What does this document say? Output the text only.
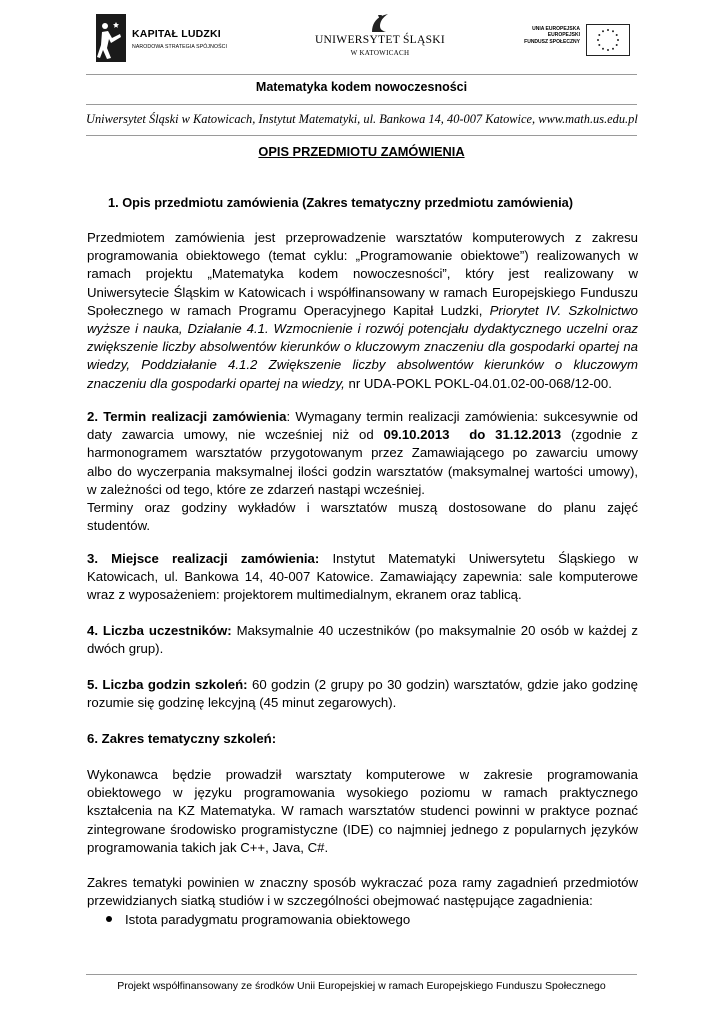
KAPITAŁ LUDZKI
NARODOWA STRATEGIA SPÓJNOŚCI
UNIWERSYTET ŚLĄSKI
W KATOWICACH
UNIA EUROPEJSKA
EUROPEJSKI
FUNDUSZ SPOŁECZNY
Matematyka kodem nowoczesności
Uniwersytet Śląski w Katowicach, Instytut Matematyki, ul. Bankowa 14, 40-007 Katowice, www.math.us.edu.pl
OPIS PRZEDMIOTU ZAMÓWIENIA
1. Opis przedmiotu zamówienia (Zakres tematyczny przedmiotu zamówienia)
Przedmiotem zamówienia jest przeprowadzenie warsztatów komputerowych z zakresu
programowania obiektowego (temat cyklu: „Programowanie obiektowe”) realizowanych w
ramach projektu „Matematyka kodem nowoczesności”, który jest realizowany w
Uniwersytecie Śląskim w Katowicach i współfinansowany w ramach Europejskiego Funduszu
Społecznego w ramach Programu Operacyjnego Kapitał Ludzki, Priorytet IV. Szkolnictwo
wyższe i nauka, Działanie 4.1. Wzmocnienie i rozwój potencjału dydaktycznego uczelni oraz
zwiększenie liczby absolwentów kierunków o kluczowym znaczeniu dla gospodarki opartej na
wiedzy, Poddziałanie 4.1.2 Zwiększenie liczby absolwentów kierunków o kluczowym
znaczeniu dla gospodarki opartej na wiedzy, nr UDA-POKL POKL-04.01.02-00-068/12-00.
2. Termin realizacji zamówienia: Wymagany termin realizacji zamówienia: sukcesywnie od
daty zawarcia umowy, nie wcześniej niż od 09.10.2013 do 31.12.2013 (zgodnie z
harmonogramem warsztatów przygotowanym przez Zamawiającego po zawarciu umowy
albo do wyczerpania maksymalnej ilości godzin warsztatów (maksymalnej wartości umowy),
w zależności od tego, które ze zdarzeń nastąpi wcześniej.
Terminy oraz godziny wykładów i warsztatów muszą dostosowane do planu zajęć
studentów.
3. Miejsce realizacji zamówienia: Instytut Matematyki Uniwersytetu Śląskiego w
Katowicach, ul. Bankowa 14, 40-007 Katowice. Zamawiający zapewnia: sale komputerowe
wraz z wyposażeniem: projektorem multimedialnym, ekranem oraz tablicą.
4. Liczba uczestników: Maksymalnie 40 uczestników (po maksymalnie 20 osób w każdej z
dwóch grup).
5. Liczba godzin szkoleń: 60 godzin (2 grupy po 30 godzin) warsztatów, gdzie jako godzinę
rozumie się godzinę lekcyjną (45 minut zegarowych).
6. Zakres tematyczny szkoleń:
Wykonawca będzie prowadził warsztaty komputerowe w zakresie programowania
obiektowego w języku programowania wysokiego poziomu w ramach praktycznego
kształcenia na KZ Matematyka. W ramach warsztatów studenci powinni w praktyce poznać
zintegrowane środowisko programistyczne (IDE) co najmniej jednego z popularnych języków
programowania takich jak C++, Java, C#.
Zakres tematyki powinien w znaczny sposób wykraczać poza ramy zagadnień przedmiotów
przewidzianych siatką studiów i w szczególności obejmować następujące zagadnienia:
Istota paradygmatu programowania obiektowego
Projekt współfinansowany ze środków Unii Europejskiej w ramach Europejskiego Funduszu Społecznego
